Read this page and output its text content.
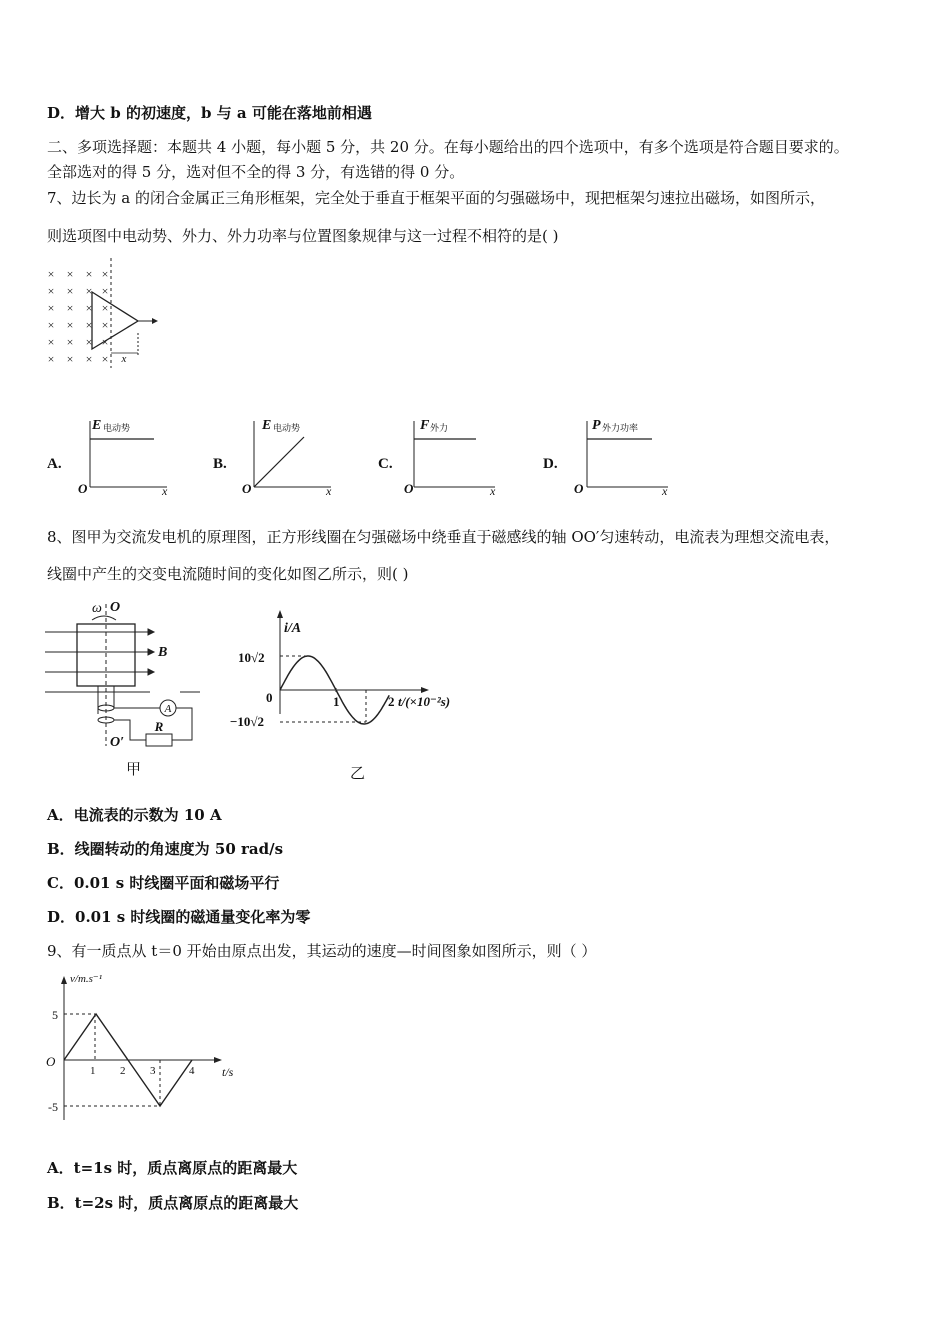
D．增大 b 的初速度，b 与 a 可能在落地前相遇
二、多项选择题：本题共 4 小题，每小题 5 分，共 20 分。在每小题给出的四个选项中，有多个选项是符合题目要求的。
全部选对的得 5 分，选对但不全的得 3 分，有选错的得 0 分。
7、边长为 a 的闭合金属正三角形框架，完全处于垂直于框架平面的匀强磁场中，现把框架匀速拉出磁场，如图所示，
则选项图中电动势、外力、外力功率与位置图象规律与这一过程不相符的是( )
× × × ×
× × × ×
× × × ×
× × × ×
× × × ×
× × × × x
A.
E 电动势
O	x
B.
E 电动势
O	x
C.
F 外力
O	x
D.
P 外力功率
O	x
8、图甲为交流发电机的原理图，正方形线圈在匀强磁场中绕垂直于磁感线的轴 OO′匀速转动，电流表为理想交流电表，
线圈中产生的交变电流随时间的变化如图乙所示，则( )
ω O
B
A
R
O′
甲
i/A
10√2
−10√2
0	1	2 t/(×10⁻²s)
乙
A．电流表的示数为 10 A
B．线圈转动的角速度为 50 rad/s
C．0.01 s 时线圈平面和磁场平行
D．0.01 s 时线圈的磁通量变化率为零
9、有一质点从 t＝0 开始由原点出发，其运动的速度—时间图象如图所示，则（ ）
v/m.s⁻¹
O
5
-5
1 2 3	4 t/s
A．t=1s 时，质点离原点的距离最大
B．t=2s 时，质点离原点的距离最大
